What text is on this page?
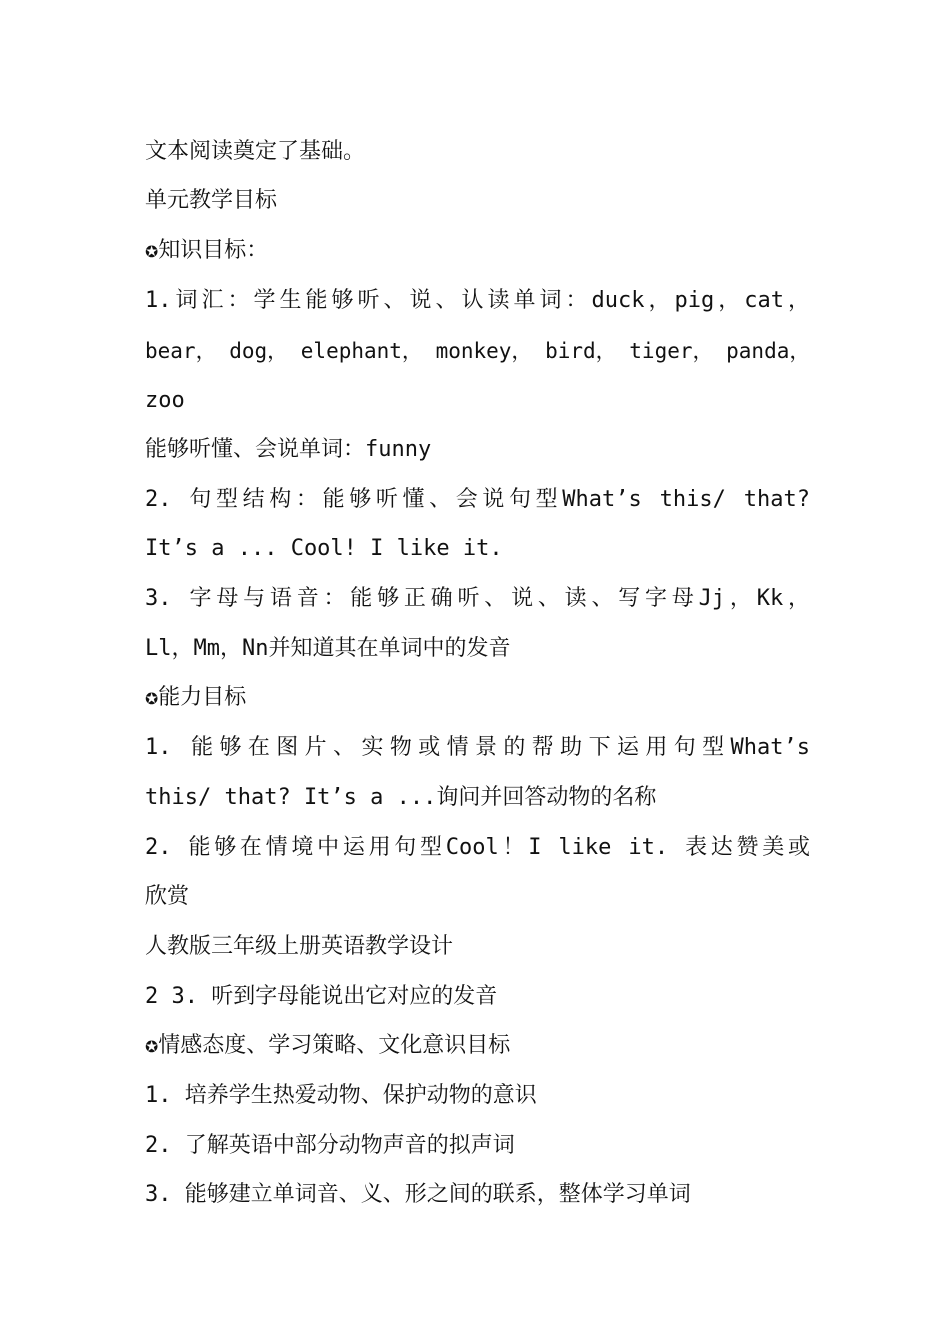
文本阅读奠定了基础。
单元教学目标
✪知识目标：
1.词汇：学生能够听、说、认读单词：duck，pig，cat，
bear， dog， elephant， monkey， bird， tiger， panda，
zoo
能够听懂、会说单词：funny
2. 句型结构：能够听懂、会说句型What’s this/ that?
It’s a ... Cool! I like it.
3. 字母与语音：能够正确听、说、读、写字母Jj，Kk，
Ll，Mm，Nn并知道其在单词中的发音
✪能力目标
1. 能够在图片、实物或情景的帮助下运用句型What’s
this/ that? It’s a ...询问并回答动物的名称
2. 能够在情境中运用句型Cool！I like it. 表达赞美或
欣赏
人教版三年级上册英语教学设计
2 3. 听到字母能说出它对应的发音
✪情感态度、学习策略、文化意识目标
1. 培养学生热爱动物、保护动物的意识
2. 了解英语中部分动物声音的拟声词
3. 能够建立单词音、义、形之间的联系，整体学习单词
